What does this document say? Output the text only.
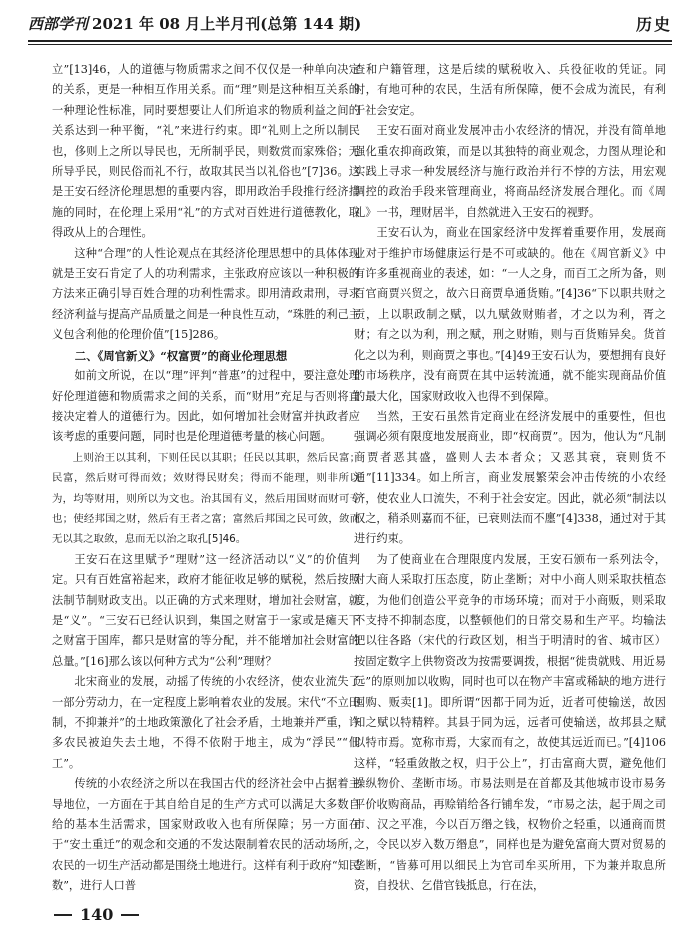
西部学刊 2021 年 08 月上半月刊(总第 144 期)	历史

立”[13]46，人的道德与物质需求之间不仅仅是一种单向决定的关系，更是一种相互作用关系。而“理”则是这种相互关系的一种理论性标准，同时要想要让人们所追求的物质利益之间的关系达到一种平衡，“礼”来进行约束。即“礼则上之所以制民也，侈则上之所以导民也，无所制乎民，则数赏而家殊俗；无所导乎民，则民俗而礼不行，故取其民当以礼俗也”[7]36。这是王安石经济伦理思想的重要内容，即用政治手段推行经济措施的同时，在伦理上采用“礼”的方式对百姓进行道德教化，取得政从上的合理性。

这种“合理”的人性论观点在其经济伦理思想中的具体体现就是王安石肯定了人的功利需求，主张政府应该以一种积极的方法来正确引导百姓合理的功利性需求。即用清政肃刑，寻求经济利益与提高产品质量之间是一种良性互动，“珠胜的利己主义包含利他的伦理价值”[15]286。

二、《周官新义》“权富贾”的商业伦理思想

如前文所说，在以“理”评判“普惠”的过程中，要注意处理好伦理道德和物质需求之间的关系，而“财用”充足与否则将直接决定着人的道德行为。因此，如何增加社会财富并执政者应该考虑的重要问题，同时也是伦理道德考量的核心问题。

上则治王以其利，下则任民以其职；任民以其职，然后民富；民富，然后财可得而效；效财得民财矣；得而不能理，则非所以为，均等财用，则所以为文也。治其国有义，然后用国财而财可专也；使经邦国之财，然后有王者之富；富然后邦国之民可敛，敛而无以其之取敛，息而无以治之取孔[5]46。

王安石在这里赋予“理财”这一经济活动以“义”的价值判定。只有百姓富裕起来，政府才能征收足够的赋税，然后按照法制节制财政支出。以正确的方式来理财，增加社会财富，就是“义”。“三安石已经认识到，集国之财富于一家或是瘫天下之财富于国库，都只是财富的等分配，并不能增加社会财富的总量。”[16]那么该以何种方式为“公利”理财？

北宋商业的发展，动摇了传统的小农经济，使农业流失了一部分劳动力，在一定程度上影响着农业的发展。宋代“不立田制，不抑兼并”的土地政策激化了社会矛盾，土地兼并严重，许多农民被迫失去土地，不得不依附于地主，成为“浮民”“佃工”。

传统的小农经济之所以在我国古代的经济社会中占据着主导地位，一方面在于其自给自足的生产方式可以满足大多数自给的基本生活需求，国家财政收入也有所保障；另一方面在于“安土重迁”的观念和交通的不发达限制着农民的活动场所，农民的一切生产活动都是围绕土地进行。这样有利于政府“知民数”，进行人口普

查和户籍管理，这是后续的赋税收入、兵役征收的凭证。同时，有地可种的农民，生活有所保障，便不会成为流民，有利于社会安定。

王安石面对商业发展冲击小农经济的情况，并没有简单地强化重农抑商政策，而是以其独特的商业观念，力图从理论和实践上寻求一种发展经济与施行政治并行不悖的方法，用宏观调控的政治手段来管理商业，将商品经济发展合理化。而《周礼》一书，理财居半，自然就进入王安石的视野。

王安石认为，商业在国家经济中发挥着重要作用，发展商业对于维护市场健康运行是不可或缺的。他在《周官新义》中有许多重视商业的表述，如：“一人之身，而百工之所为备，则百官商贾兴贸之，故六日商贾阜通货贿。”[4]36“下以职共财之贡，上以职政制之赋，以九赋敛财贿者，才之以为利，胥之财；有之以为利，刑之赋，刑之财贿，则与百货贿异矣。货首化之以为利，则商贾之事也。”[4]49王安石认为，要想拥有良好的市场秩序，没有商贾在其中运转流通，就不能实现商品价值的最大化，国家财政收入也得不到保障。

当然，王安石虽然肯定商业在经济发展中的重要性，但也强调必须有限度地发展商业，即“权商贾”。因为，他认为“凡制商贾者恶其盛，盛则人去本者众；又恶其衰，衰则货不通”[11]334。如上所言，商业发展繁荣会冲击传统的小农经济，使农业人口流失，不利于社会安定。因此，就必须“制法以权之，稍杀则嘉而不征，已衰则法而不廛”[4]338，通过对于其进行约束。

为了使商业在合理限度内发展，王安石颁布一系列法令，对大商人采取打压态度，防止垄断；对中小商人则采取扶植态度，为他们创造公平竞争的市场环境；而对于小商贩，则采取不支持不抑制态度，以整顿他们的日常交易和生产平。均输法把以往各路（宋代的行政区划，相当于明清时的省、城市区）按固定数字上供物资改为按需要调拨，根据“徙贵就贱、用近易远”的原则加以收购，同时也可以在物产丰富或稀缺的地方进行囤购、贩卖[1]。即所谓“因都于同为近，近者可使输送，故因知之赋以特精粹。其县于同为远，远者可使输送，故邦县之赋以特市焉。宽称市焉，大家而有之，故使其远近而已。”[4]106这样，“轻重敛散之权，归于公上”，打击富商大贾，避免他们操纵物价、垄断市场。市易法则是在首都及其他城市设市易务平价收购商品，再赊销给各行铺牟发，“市易之法，起于周之司市、汉之平准，今以百万缗之钱，权物价之轻重，以通商而贯之，令民以岁入数万缗息”，同样也是为避免富商大贾对贸易的垄断，“皆募可用以细民上为官司牟买所用，下为兼并取息所资，自投状、乞借官钱抵息，行在法，

140
